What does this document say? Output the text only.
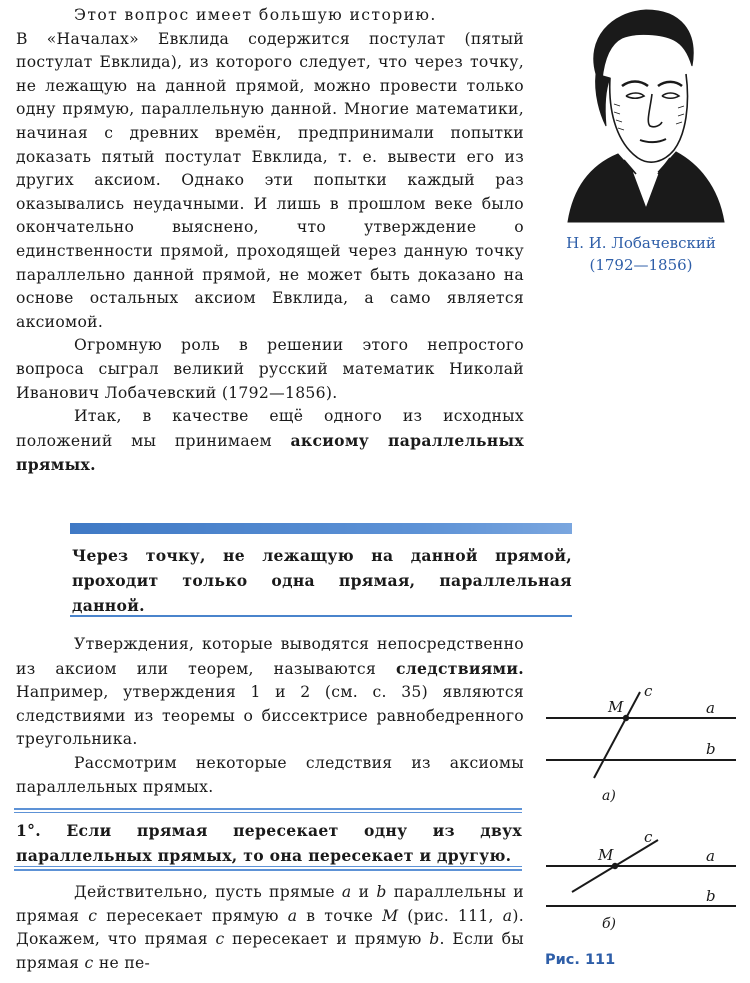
Этот вопрос имеет большую историю.

В «Началах» Евклида содержится постулат (пятый постулат Евклида), из которого следует, что через точку, не лежащую на данной прямой, можно провести только одну прямую, параллельную данной. Многие математики, начиная с древних времён, предпринимали попытки доказать пятый постулат Евклида, т. е. вывести его из других аксиом. Однако эти попытки каждый раз оказывались неудачными. И лишь в прошлом веке было окончательно выяснено, что утверждение о единственности прямой, проходящей через данную точку параллельно данной прямой, не может быть доказано на основе остальных аксиом Евклида, а само является аксиомой.

Огромную роль в решении этого непростого вопроса сыграл великий русский математик Николай Иванович Лобачевский (1792—1856).

Итак, в качестве ещё одного из исходных положений мы принимаем аксиому параллельных прямых.

Через точку, не лежащую на данной прямой, проходит только одна прямая, параллельная данной.

Утверждения, которые выводятся непосредственно из аксиом или теорем, называются следствиями. Например, утверждения 1 и 2 (см. с. 35) являются следствиями из теоремы о биссектрисе равнобедренного треугольника.

Рассмотрим некоторые следствия из аксиомы параллельных прямых.

1°. Если прямая пересекает одну из двух параллельных прямых, то она пересекает и другую.

Действительно, пусть прямые a и b параллельны и прямая c пересекает прямую a в точке M (рис. 111, а). Докажем, что прямая c пересекает и прямую b. Если бы прямая c не пе-

Н. И. Лобачевский
(1792—1856)
M
c
a
b
а)
M
c
a
b
б)
Рис. 111
